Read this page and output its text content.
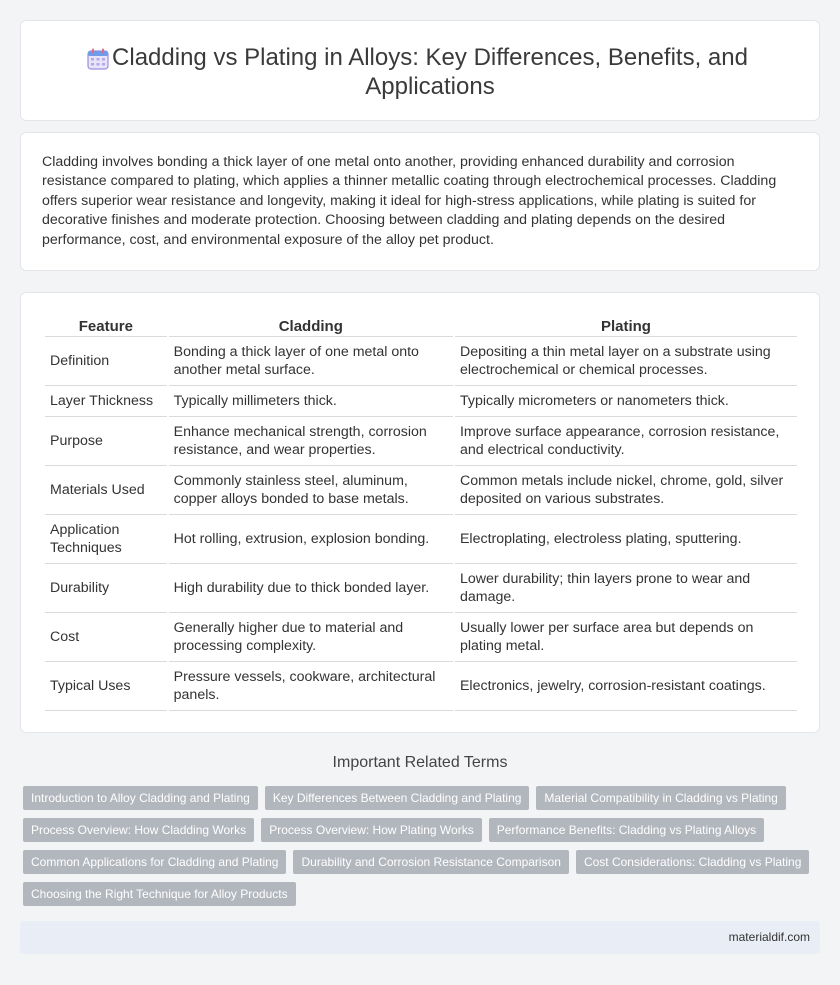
Cladding vs Plating in Alloys: Key Differences, Benefits, and Applications

Cladding involves bonding a thick layer of one metal onto another, providing enhanced durability and corrosion resistance compared to plating, which applies a thinner metallic coating through electrochemical processes. Cladding offers superior wear resistance and longevity, making it ideal for high-stress applications, while plating is suited for decorative finishes and moderate protection. Choosing between cladding and plating depends on the desired performance, cost, and environmental exposure of the alloy pet product.

Feature	Cladding	Plating
Definition	Bonding a thick layer of one metal onto another metal surface.	Depositing a thin metal layer on a substrate using electrochemical or chemical processes.
Layer Thickness	Typically millimeters thick.	Typically micrometers or nanometers thick.
Purpose	Enhance mechanical strength, corrosion resistance, and wear properties.	Improve surface appearance, corrosion resistance, and electrical conductivity.
Materials Used	Commonly stainless steel, aluminum, copper alloys bonded to base metals.	Common metals include nickel, chrome, gold, silver deposited on various substrates.
Application Techniques	Hot rolling, extrusion, explosion bonding.	Electroplating, electroless plating, sputtering.
Durability	High durability due to thick bonded layer.	Lower durability; thin layers prone to wear and damage.
Cost	Generally higher due to material and processing complexity.	Usually lower per surface area but depends on plating metal.
Typical Uses	Pressure vessels, cookware, architectural panels.	Electronics, jewelry, corrosion-resistant coatings.
Important Related Terms
Introduction to Alloy Cladding and Plating	Key Differences Between Cladding and Plating	Material Compatibility in Cladding vs Plating
Process Overview: How Cladding Works	Process Overview: How Plating Works	Performance Benefits: Cladding vs Plating Alloys
Common Applications for Cladding and Plating	Durability and Corrosion Resistance Comparison	Cost Considerations: Cladding vs Plating
Choosing the Right Technique for Alloy Products
materialdif.com
